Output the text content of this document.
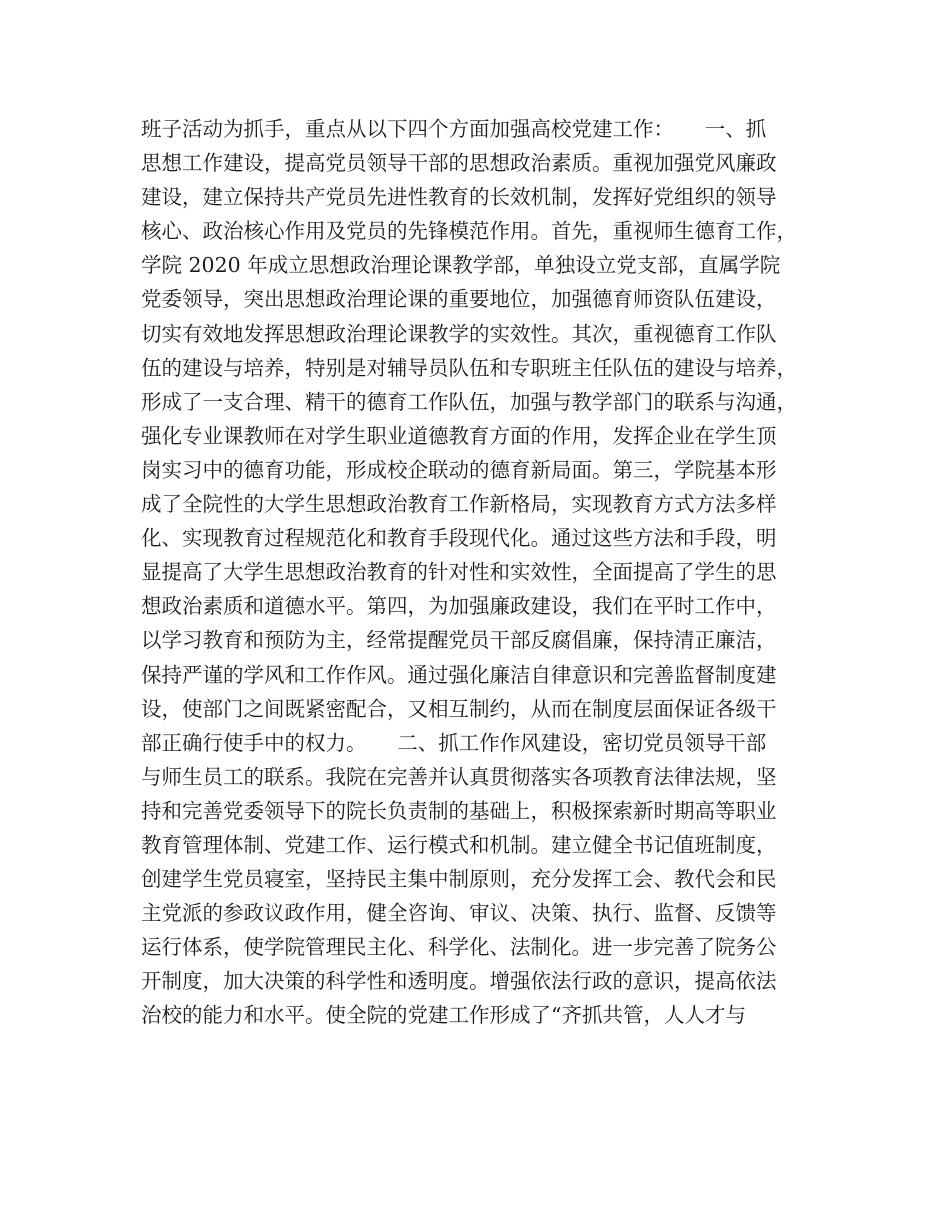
班子活动为抓手，重点从以下四个方面加强高校党建工作：　　一、抓
思想工作建设，提高党员领导干部的思想政治素质。重视加强党风廉政
建设，建立保持共产党员先进性教育的长效机制，发挥好党组织的领导
核心、政治核心作用及党员的先锋模范作用。首先，重视师生德育工作，
学院 2020 年成立思想政治理论课教学部，单独设立党支部，直属学院
党委领导，突出思想政治理论课的重要地位，加强德育师资队伍建设，
切实有效地发挥思想政治理论课教学的实效性。其次，重视德育工作队
伍的建设与培养，特别是对辅导员队伍和专职班主任队伍的建设与培养，
形成了一支合理、精干的德育工作队伍，加强与教学部门的联系与沟通，
强化专业课教师在对学生职业道德教育方面的作用，发挥企业在学生顶
岗实习中的德育功能，形成校企联动的德育新局面。第三，学院基本形
成了全院性的大学生思想政治教育工作新格局，实现教育方式方法多样
化、实现教育过程规范化和教育手段现代化。通过这些方法和手段，明
显提高了大学生思想政治教育的针对性和实效性，全面提高了学生的思
想政治素质和道德水平。第四，为加强廉政建设，我们在平时工作中，
以学习教育和预防为主，经常提醒党员干部反腐倡廉，保持清正廉洁，
保持严谨的学风和工作作风。通过强化廉洁自律意识和完善监督制度建
设，使部门之间既紧密配合，又相互制约，从而在制度层面保证各级干
部正确行使手中的权力。　　二、抓工作作风建设，密切党员领导干部
与师生员工的联系。我院在完善并认真贯彻落实各项教育法律法规，坚
持和完善党委领导下的院长负责制的基础上，积极探索新时期高等职业
教育管理体制、党建工作、运行模式和机制。建立健全书记值班制度，
创建学生党员寝室，坚持民主集中制原则，充分发挥工会、教代会和民
主党派的参政议政作用，健全咨询、审议、决策、执行、监督、反馈等
运行体系，使学院管理民主化、科学化、法制化。进一步完善了院务公
开制度，加大决策的科学性和透明度。增强依法行政的意识，提高依法
治校的能力和水平。使全院的党建工作形成了“齐抓共管，人人才与
